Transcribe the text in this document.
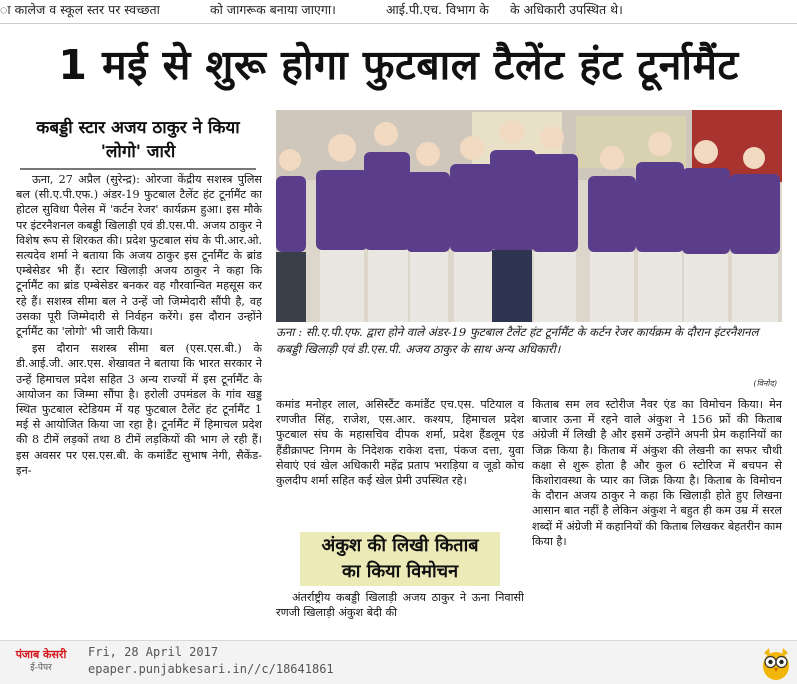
ा कालेज व स्कूल स्तर पर स्वच्छता	को जागरूक बनाया जाएगा।	आई.पी.एच. विभाग के	के अधिकारी उपस्थित थे।
1 मई से शुरू होगा फुटबाल टैलेंट हंट टूर्नामैंट
कबड्डी स्टार अजय ठाकुर ने किया 'लोगो' जारी

ऊना, 27 अप्रैल (सुरेन्द्र): ओरजा केंद्रीय सशस्त्र पुलिस बल (सी.ए.पी.एफ.) अंडर-19 फुटबाल टैलेंट हंट टूर्नामैंट का होटल सुविधा पैलेस में 'कर्टन रेजर' कार्यक्रम हुआ। इस मौके पर इंटरनैशनल कबड्डी खिलाड़ी एवं डी.एस.पी. अजय ठाकुर ने विशेष रूप से शिरकत की। प्रदेश फुटबाल संघ के पी.आर.ओ. सत्यदेव शर्मा ने बताया कि अजय ठाकुर इस टूर्नामैंट के ब्रांड एम्बेसेडर भी हैं। स्टार खिलाड़ी अजय ठाकुर ने कहा कि टूर्नामैंट का ब्रांड एम्बेसेडर बनकर वह गौरवान्वित महसूस कर रहे हैं। सशस्त्र सीमा बल ने उन्हें जो जिम्मेदारी सौंपी है, वह उसका पूरी जिम्मेदारी से निर्वहन करेंगे। इस दौरान उन्होंने टूर्नामैंट का 'लोगो' भी जारी किया।

इस दौरान सशस्त्र सीमा बल (एस.एस.बी.) के डी.आई.जी. आर.एस. शेखावत ने बताया कि भारत सरकार ने उन्हें हिमाचल प्रदेश सहित 3 अन्य राज्यों में इस टूर्नामैंट के आयोजन का जिम्मा सौंपा है। हरोली उपमंडल के गांव खड्ड स्थित फुटबाल स्टेडियम में यह फुटबाल टैलेंट हंट टूर्नामैंट 1 मई से आयोजित किया जा रहा है। टूर्नामैंट में हिमाचल प्रदेश की 8 टीमें लड़कों तथा 8 टीमें लड़कियों की भाग ले रही हैं। इस अवसर पर एस.एस.बी. के कमांडैंट सुभाष नेगी, सैकेंड-इन-

ऊना : सी.ए.पी.एफ. द्वारा होने वाले अंडर-19 फुटबाल टैलेंट हंट टूर्नामैंट के कर्टन रेजर कार्यक्रम के दौरान इंटरनैशनल कबड्डी खिलाड़ी एवं डी.एस.पी. अजय ठाकुर के साथ अन्य अधिकारी।
(विनोद)

कमांड मनोहर लाल, असिस्टैंट कमांडैंट एच.एस. पटियाल व रणजीत सिंह, राजेश, एस.आर. कश्यप, हिमाचल प्रदेश फुटबाल संघ के महासचिव दीपक शर्मा, प्रदेश हैंडलूम एंड हैंडीक्राफ्ट निगम के निदेशक राकेश दत्ता, पंकज दत्ता, युवा सेवाएं एवं खेल अधिकारी महेंद्र प्रताप भराड़िया व जूडो कोच कुलदीप शर्मा सहित कई खेल प्रेमी उपस्थित रहे।

अंकुश की लिखी किताब
का किया विमोचन

अंतर्राष्ट्रीय कबड्डी खिलाड़ी अजय ठाकुर ने ऊना निवासी रणजी खिलाड़ी अंकुश बेदी की

किताब सम लव स्टोरीज नैवर एंड का विमोचन किया। मेन बाजार ऊना में रहने वाले अंकुश ने 156 फ्रों की किताब अंग्रेजी में लिखी है और इसमें उन्होंने अपनी प्रेम कहानियों का जिक्र किया है। किताब में अंकुश की लेखनी का सफर चौथी कक्षा से शुरू होता है और कुल 6 स्टोरिज में बचपन से किशोरावस्था के प्यार का जिक्र किया है। किताब के विमोचन के दौरान अजय ठाकुर ने कहा कि खिलाड़ी होते हुए लिखना आसान बात नहीं है लेकिन अंकुश ने बहुत ही कम उम्र में सरल शब्दों में अंग्रेजी में कहानियों की किताब लिखकर बेहतरीन काम किया है।

पंजाब केसरी
ई-पेपर
Fri, 28 April 2017
epaper.punjabkesari.in//c/18641861
